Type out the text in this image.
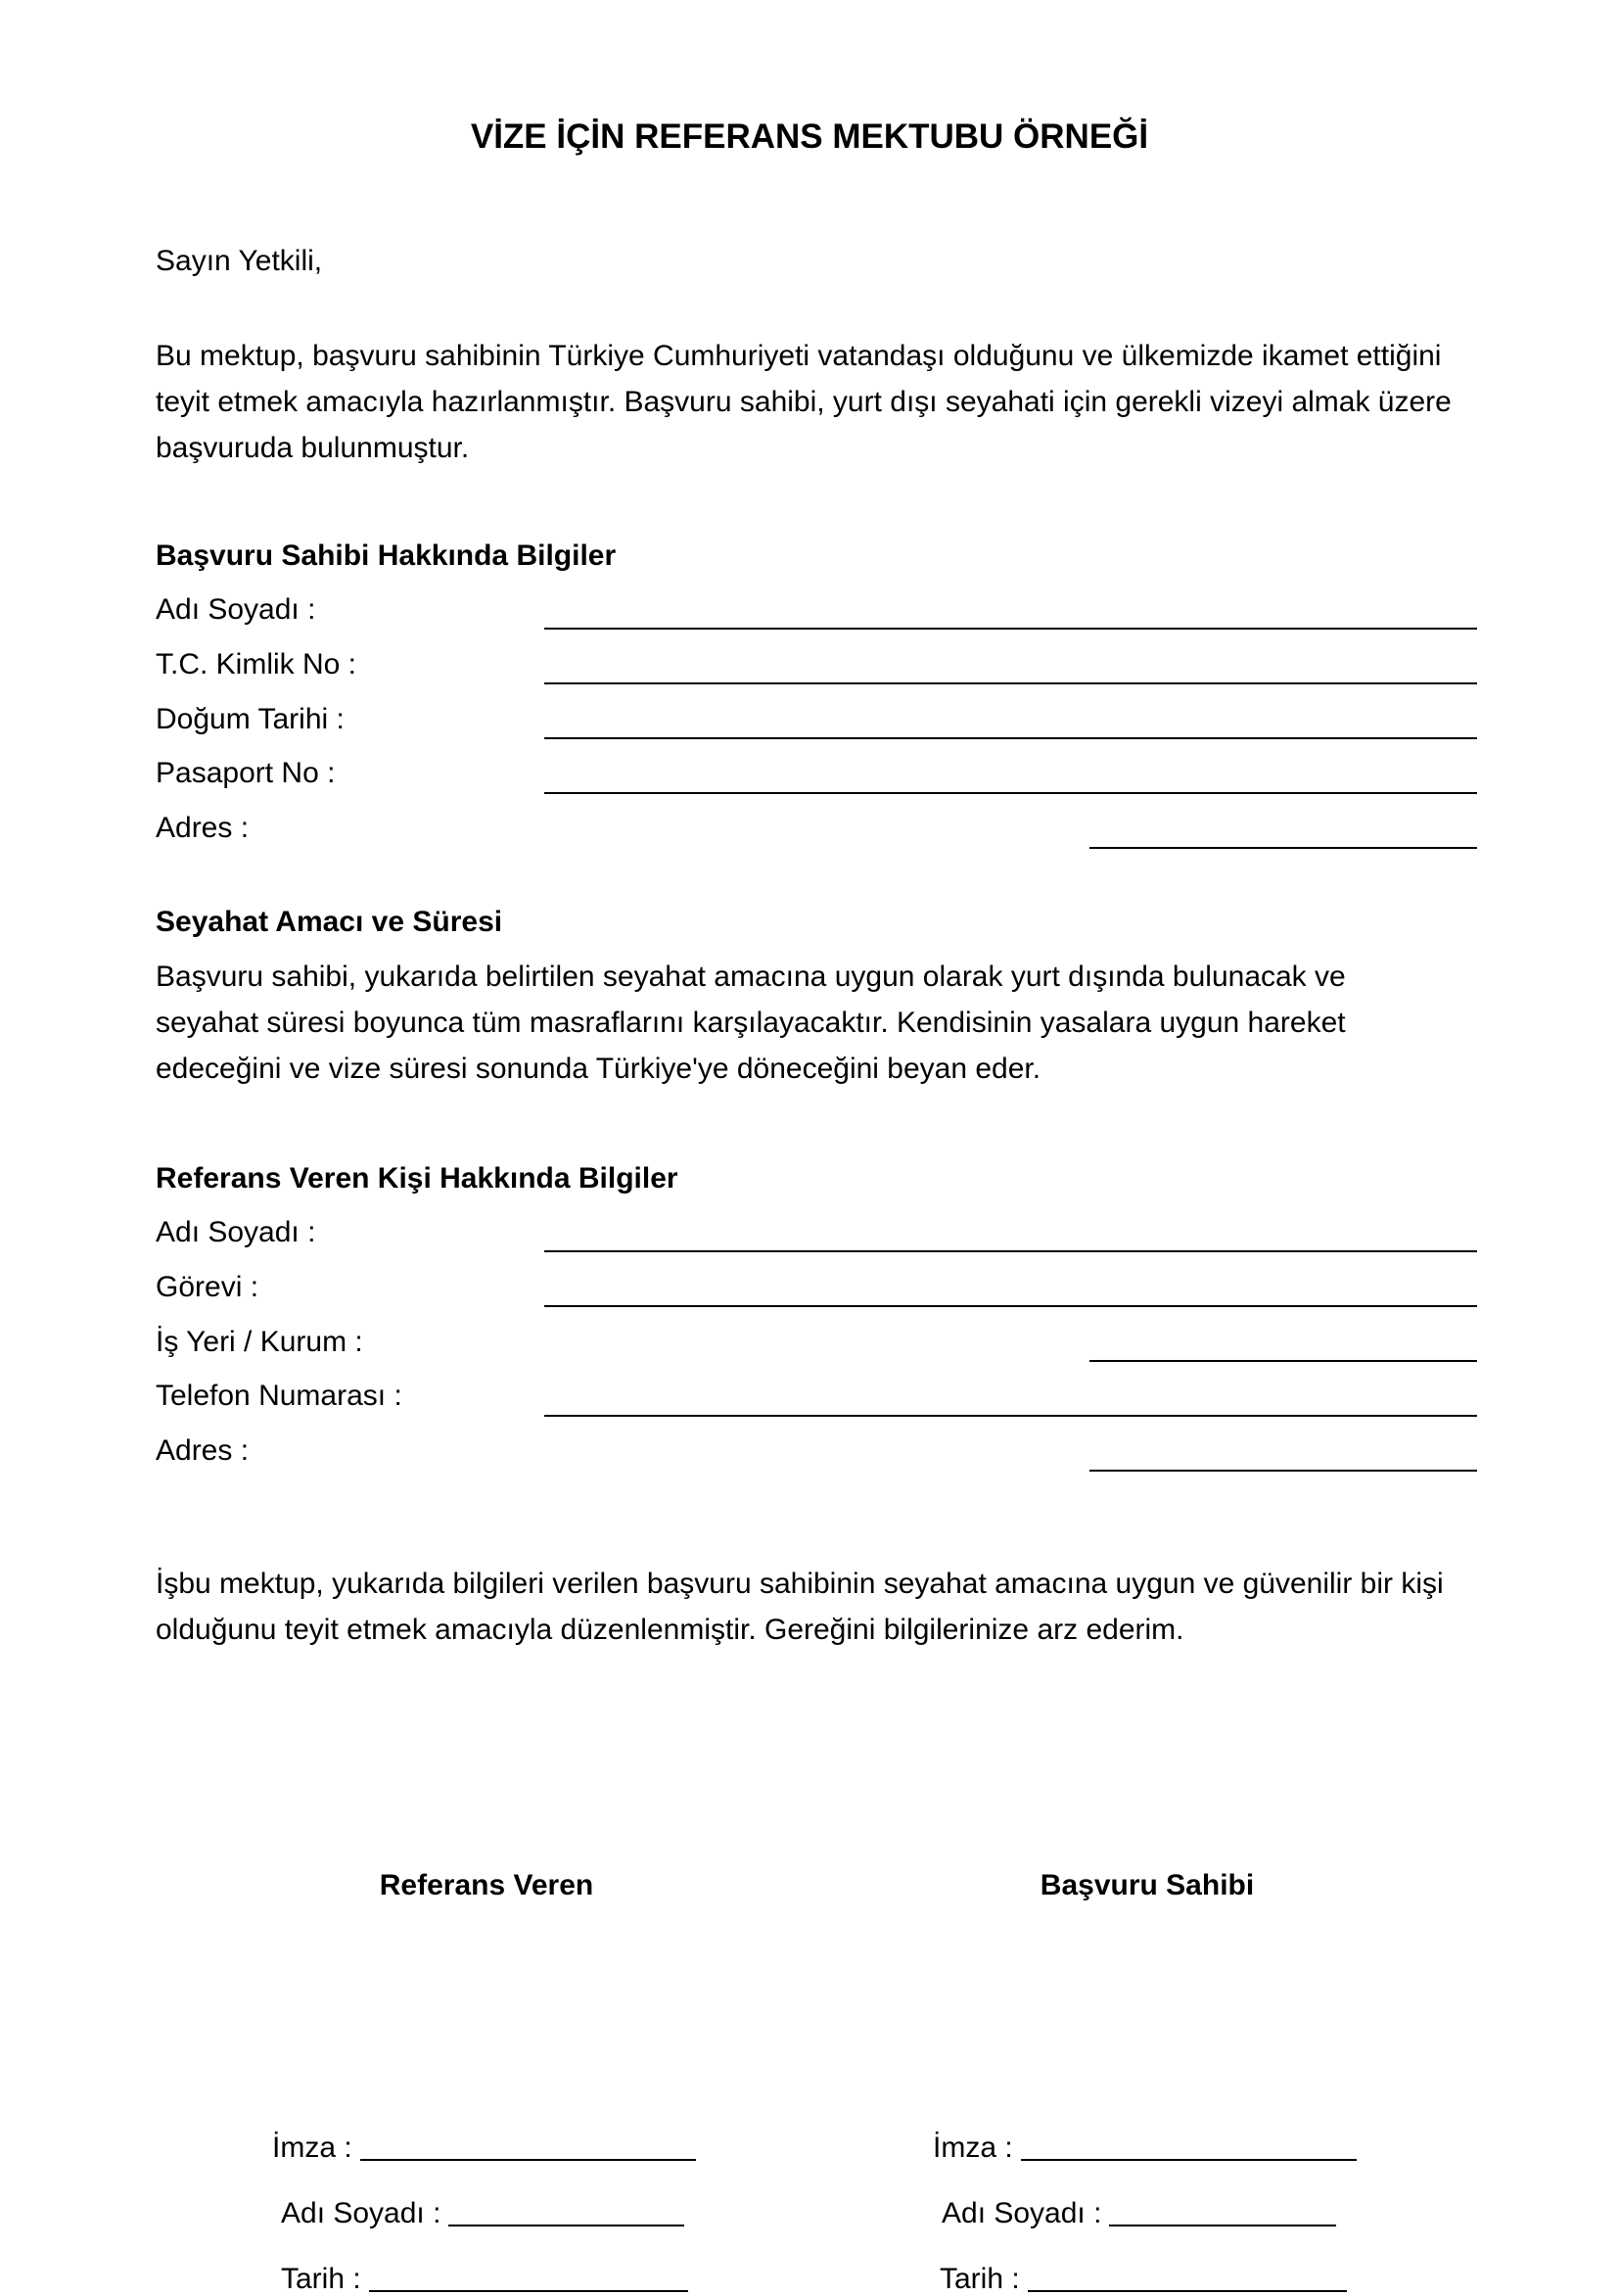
VİZE İÇİN REFERANS MEKTUBU ÖRNEĞİ
Sayın Yetkili,
Bu mektup, başvuru sahibinin Türkiye Cumhuriyeti vatandaşı olduğunu ve ülkemizde ikamet ettiğini teyit etmek amacıyla hazırlanmıştır. Başvuru sahibi, yurt dışı seyahati için gerekli vizeyi almak üzere başvuruda bulunmuştur.
Başvuru Sahibi Hakkında Bilgiler
Adı Soyadı :
T.C. Kimlik No :
Doğum Tarihi :
Pasaport No :
Adres :
Seyahat Amacı ve Süresi
Başvuru sahibi, yukarıda belirtilen seyahat amacına uygun olarak yurt dışında bulunacak ve seyahat süresi boyunca tüm masraflarını karşılayacaktır. Kendisinin yasalara uygun hareket edeceğini ve vize süresi sonunda Türkiye'ye döneceğini beyan eder.
Referans Veren Kişi Hakkında Bilgiler
Adı Soyadı :
Görevi :
İş Yeri / Kurum :
Telefon Numarası :
Adres :
İşbu mektup, yukarıda bilgileri verilen başvuru sahibinin seyahat amacına uygun ve güvenilir bir kişi olduğunu teyit etmek amacıyla düzenlenmiştir. Gereğini bilgilerinize arz ederim.
Referans Veren	Başvuru Sahibi
İmza :
Adı Soyadı :
Tarih :
İmza :
Adı Soyadı :
Tarih :
